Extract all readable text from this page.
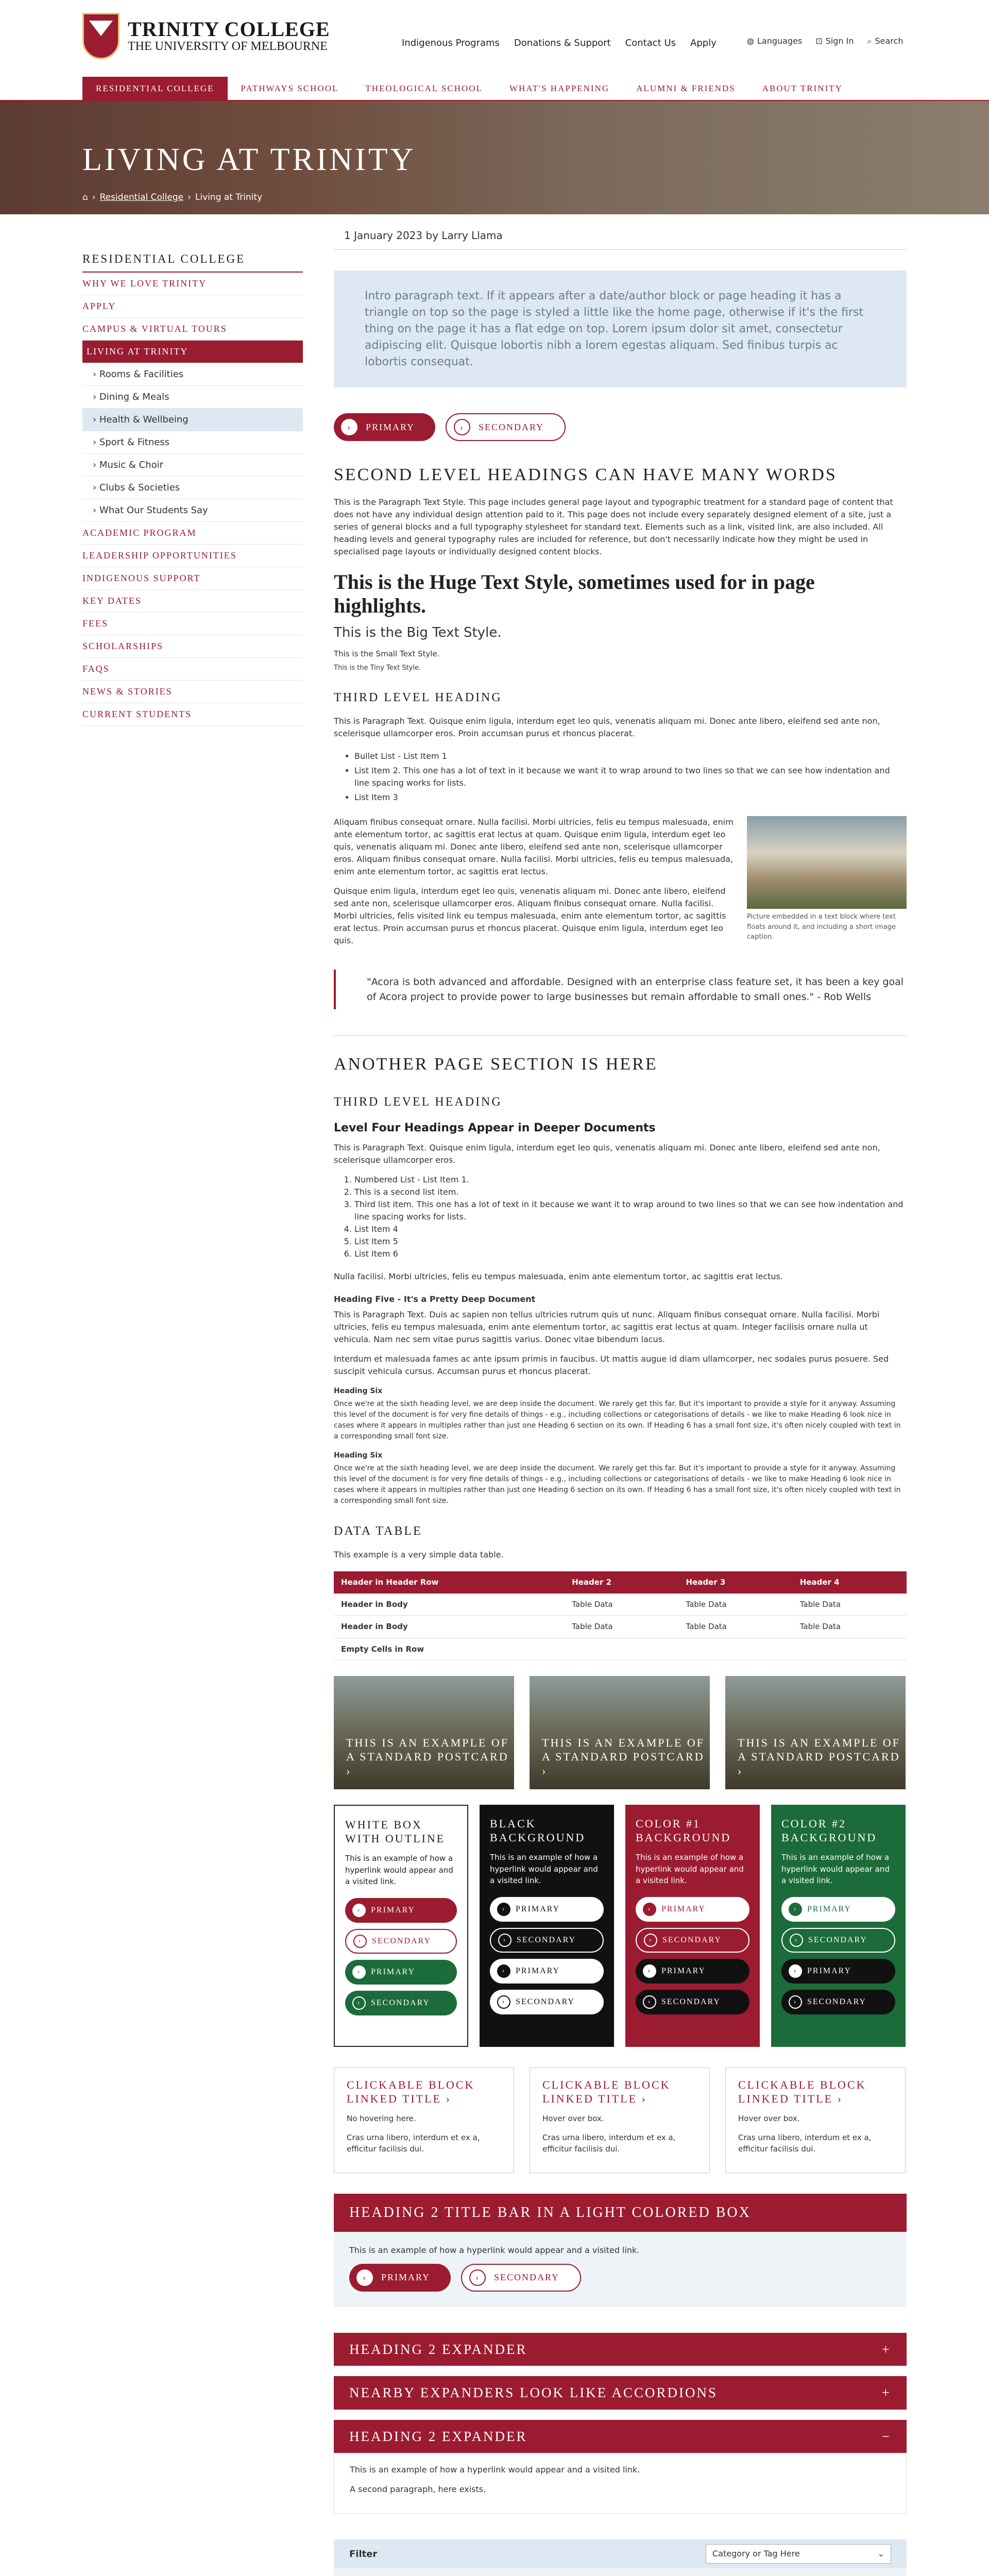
TRINITY COLLEGE
THE UNIVERSITY OF MELBOURNE	Indigenous Programs Donations & Support Contact Us Apply	◍ Languages ⊡ Sign In ⌕ Search
RESIDENTIAL COLLEGE	PATHWAYS SCHOOL	THEOLOGICAL SCHOOL	WHAT'S HAPPENING	ALUMNI & FRIENDS	ABOUT TRINITY
LIVING AT TRINITY
⌂ › Residential College › Living at Trinity
RESIDENTIAL COLLEGE
WHY WE LOVE TRINITY
APPLY
CAMPUS & VIRTUAL TOURS
LIVING AT TRINITY
› Rooms & Facilities
› Dining & Meals
› Health & Wellbeing
› Sport & Fitness
› Music & Choir
› Clubs & Societies
› What Our Students Say
ACADEMIC PROGRAM
LEADERSHIP OPPORTUNITIES
INDIGENOUS SUPPORT
KEY DATES
FEES
SCHOLARSHIPS
FAQS
NEWS & STORIES
CURRENT STUDENTS
1 January 2023 by Larry Llama
Intro paragraph text. If it appears after a date/author block or page heading it has a triangle on top so the page is styled a little like the home page, otherwise if it's the first thing on the page it has a flat edge on top. Lorem ipsum dolor sit amet, consectetur adipiscing elit. Quisque lobortis nibh a lorem egestas aliquam. Sed finibus turpis ac lobortis consequat.
›	PRIMARY	›	SECONDARY
SECOND LEVEL HEADINGS CAN HAVE MANY WORDS

This is the Paragraph Text Style. This page includes general page layout and typographic treatment for a standard page of content that does not have any individual design attention paid to it. This page does not include every separately designed element of a site, just a series of general blocks and a full typography stylesheet for standard text. Elements such as a link, visited link, are also included. All heading levels and general typography rules are included for reference, but don't necessarily indicate how they might be used in specialised page layouts or individually designed content blocks.

This is the Huge Text Style, sometimes used for in page highlights.
This is the Big Text Style.
This is the Small Text Style.
This is the Tiny Text Style.
THIRD LEVEL HEADING

This is Paragraph Text. Quisque enim ligula, interdum eget leo quis, venenatis aliquam mi. Donec ante libero, eleifend sed ante non, scelerisque ullamcorper eros. Proin accumsan purus et rhoncus placerat.

• Bullet List - List Item 1
• List Item 2. This one has a lot of text in it because we want it to wrap around to two lines so that we can see how indentation and line spacing works for lists.
• List Item 3

Aliquam finibus consequat ornare. Nulla facilisi. Morbi ultricies, felis eu tempus malesuada, enim ante elementum tortor, ac sagittis erat lectus at quam. Quisque enim ligula, interdum eget leo quis, venenatis aliquam mi. Donec ante libero, eleifend sed ante non, scelerisque ullamcorper eros. Aliquam finibus consequat ornare. Nulla facilisi. Morbi ultricies, felis eu tempus malesuada, enim ante elementum tortor, ac sagittis erat lectus.

Quisque enim ligula, interdum eget leo quis, venenatis aliquam mi. Donec ante libero, eleifend sed ante non, scelerisque ullamcorper eros. Aliquam finibus consequat ornare. Nulla facilisi. Morbi ultricies, felis visited link eu tempus malesuada, enim ante elementum tortor, ac sagittis erat lectus. Proin accumsan purus et rhoncus placerat. Quisque enim ligula, interdum eget leo quis.

Picture embedded in a text block where text floats around it, and including a short image caption.
"Acora is both advanced and affordable. Designed with an enterprise class feature set, it has been a key goal of Acora project to provide power to large businesses but remain affordable to small ones." - Rob Wells
ANOTHER PAGE SECTION IS HERE
THIRD LEVEL HEADING
Level Four Headings Appear in Deeper Documents

This is Paragraph Text. Quisque enim ligula, interdum eget leo quis, venenatis aliquam mi. Donec ante libero, eleifend sed ante non, scelerisque ullamcorper eros.

1. Numbered List - List Item 1.
2. This is a second list item.
3. Third list item. This one has a lot of text in it because we want it to wrap around to two lines so that we can see how indentation and line spacing works for lists.
4. List Item 4
5. List Item 5
6. List Item 6

Nulla facilisi. Morbi ultricies, felis eu tempus malesuada, enim ante elementum tortor, ac sagittis erat lectus.

Heading Five - It's a Pretty Deep Document

This is Paragraph Text. Duis ac sapien non tellus ultricies rutrum quis ut nunc. Aliquam finibus consequat ornare. Nulla facilisi. Morbi ultricies, felis eu tempus malesuada, enim ante elementum tortor, ac sagittis erat lectus at quam. Integer facilisis ornare nulla ut vehicula. Nam nec sem vitae purus sagittis varius. Donec vitae bibendum lacus.

Interdum et malesuada fames ac ante ipsum primis in faucibus. Ut mattis augue id diam ullamcorper, nec sodales purus posuere. Sed suscipit vehicula cursus. Accumsan purus et rhoncus placerat.

Heading Six

Once we're at the sixth heading level, we are deep inside the document. We rarely get this far. But it's important to provide a style for it anyway. Assuming this level of the document is for very fine details of things - e.g., including collections or categorisations of details - we like to make Heading 6 look nice in cases where it appears in multiples rather than just one Heading 6 section on its own. If Heading 6 has a small font size, it's often nicely coupled with text in a corresponding small font size.

Heading Six

Once we're at the sixth heading level, we are deep inside the document. We rarely get this far. But it's important to provide a style for it anyway. Assuming this level of the document is for very fine details of things - e.g., including collections or categorisations of details - we like to make Heading 6 look nice in cases where it appears in multiples rather than just one Heading 6 section on its own. If Heading 6 has a small font size, it's often nicely coupled with text in a corresponding small font size.

DATA TABLE

This example is a very simple data table.

Header in Header Row	Header 2	Header 3	Header 4
Header in Body	Table Data	Table Data	Table Data
Header in Body	Table Data	Table Data	Table Data
Empty Cells in Row			
THIS IS AN EXAMPLE OF A STANDARD POSTCARD ›
THIS IS AN EXAMPLE OF A STANDARD POSTCARD ›
THIS IS AN EXAMPLE OF A STANDARD POSTCARD ›
WHITE BOX WITH OUTLINE

This is an example of how a hyperlink would appear and a visited link.

›	PRIMARY
›	SECONDARY
›	PRIMARY
›	SECONDARY
BLACK BACKGROUND

This is an example of how a hyperlink would appear and a visited link.

›	PRIMARY
›	SECONDARY
›	PRIMARY
›	SECONDARY
COLOR #1 BACKGROUND

This is an example of how a hyperlink would appear and a visited link.

›	PRIMARY
›	SECONDARY
›	PRIMARY
›	SECONDARY
COLOR #2 BACKGROUND

This is an example of how a hyperlink would appear and a visited link.

›	PRIMARY
›	SECONDARY
›	PRIMARY
›	SECONDARY
CLICKABLE BLOCK LINKED TITLE ›

No hovering here.

Cras urna libero, interdum et ex a, efficitur facilisis dui.

CLICKABLE BLOCK LINKED TITLE ›

Hover over box.

Cras urna libero, interdum et ex a, efficitur facilisis dui.

CLICKABLE BLOCK LINKED TITLE ›

Hover over box.

Cras urna libero, interdum et ex a, efficitur facilisis dui.

HEADING 2 TITLE BAR IN A LIGHT COLORED BOX

This is an example of how a hyperlink would appear and a visited link.

›	PRIMARY	›	SECONDARY
HEADING 2 EXPANDER	+
NEARBY EXPANDERS LOOK LIKE ACCORDIONS	+
HEADING 2 EXPANDER	−

This is an example of how a hyperlink would appear and a visited link.

A second paragraph, here exists.

Filter	Category or Tag Here	⌄
